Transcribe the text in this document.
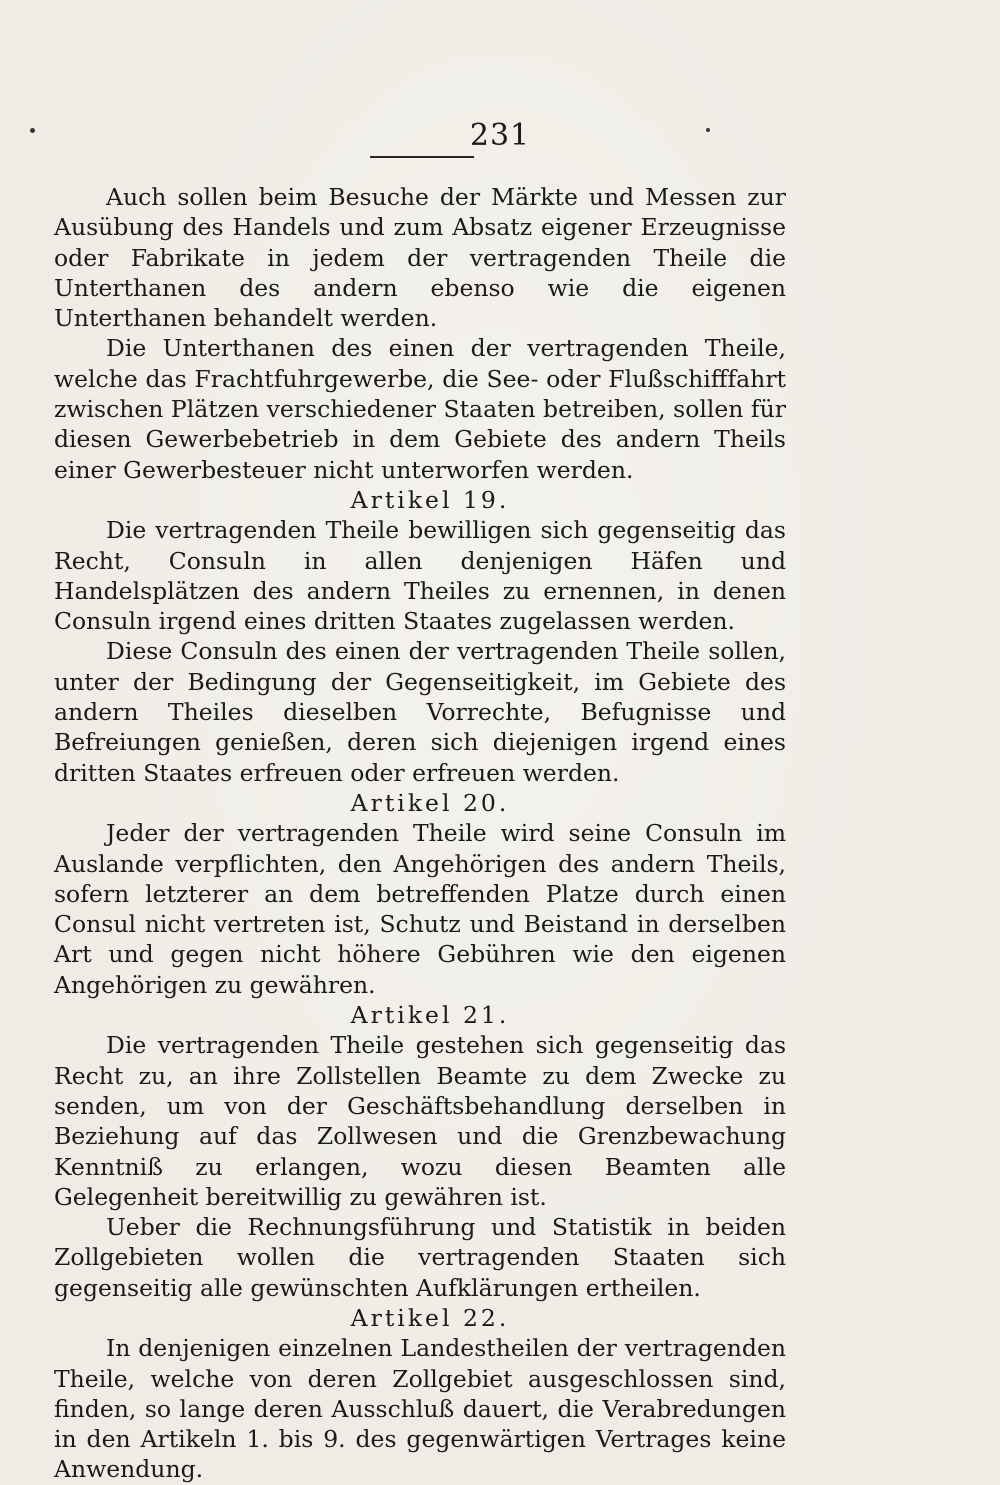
231

Auch sollen beim Besuche der Märkte und Messen zur Ausübung des Handels und zum Absatz eigener Erzeugnisse oder Fabrikate in jedem der vertragenden Theile die Unterthanen des andern ebenso wie die eigenen Unterthanen behandelt werden.

Die Unterthanen des einen der vertragenden Theile, welche das Frachtfuhrgewerbe, die See- oder Flußschifffahrt zwischen Plätzen verschiedener Staaten betreiben, sollen für diesen Gewerbebetrieb in dem Gebiete des andern Theils einer Gewerbesteuer nicht unterworfen werden.

Artikel 19.

Die vertragenden Theile bewilligen sich gegenseitig das Recht, Consuln in allen denjenigen Häfen und Handelsplätzen des andern Theiles zu ernennen, in denen Consuln irgend eines dritten Staates zugelassen werden.

Diese Consuln des einen der vertragenden Theile sollen, unter der Bedingung der Gegenseitigkeit, im Gebiete des andern Theiles dieselben Vorrechte, Befugnisse und Befreiungen genießen, deren sich diejenigen irgend eines dritten Staates erfreuen oder erfreuen werden.

Artikel 20.

Jeder der vertragenden Theile wird seine Consuln im Auslande verpflichten, den Angehörigen des andern Theils, sofern letzterer an dem betreffenden Platze durch einen Consul nicht vertreten ist, Schutz und Beistand in derselben Art und gegen nicht höhere Gebühren wie den eigenen Angehörigen zu gewähren.

Artikel 21.

Die vertragenden Theile gestehen sich gegenseitig das Recht zu, an ihre Zollstellen Beamte zu dem Zwecke zu senden, um von der Geschäftsbehandlung derselben in Beziehung auf das Zollwesen und die Grenzbewachung Kenntniß zu erlangen, wozu diesen Beamten alle Gelegenheit bereitwillig zu gewähren ist.

Ueber die Rechnungsführung und Statistik in beiden Zollgebieten wollen die vertragenden Staaten sich gegenseitig alle gewünschten Aufklärungen ertheilen.

Artikel 22.

In denjenigen einzelnen Landestheilen der vertragenden Theile, welche von deren Zollgebiet ausgeschlossen sind, finden, so lange deren Ausschluß dauert, die Verabredungen in den Artikeln 1. bis 9. des gegenwärtigen Vertrages keine Anwendung.
